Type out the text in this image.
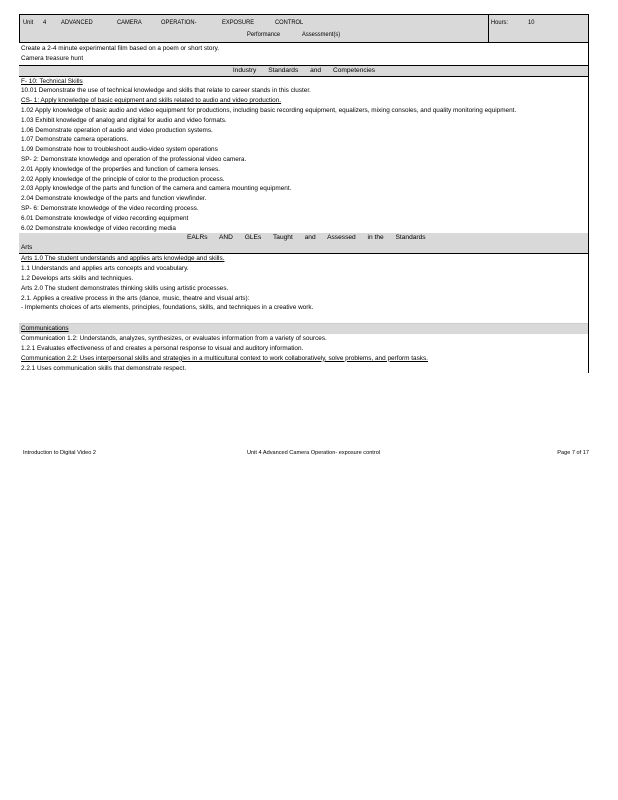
Unit 4 ADVANCED	CAMERA	OPERATION-	EXPOSURE	CONTROL
Performance	Assessment(s)
Hours:	10
Create a 2-4 minute experimental film based on a poem or short story.
Camera treasure hunt
Industry Standards and Competencies
F- 10: Technical Skills
10.01 Demonstrate the use of technical knowledge and skills that relate to career stands in this cluster.
CS- 1: Apply knowledge of basic equipment and skills related to audio and video production.
1.02 Apply knowledge of basic audio and video equipment for productions, including basic recording equipment, equalizers, mixing consoles, and quality monitoring equipment.
1.03 Exhibit knowledge of analog and digital for audio and video formats.
1.06 Demonstrate operation of audio and video production systems.
1.07 Demonstrate camera operations.
1.09 Demonstrate how to troubleshoot audio-video system operations
SP- 2: Demonstrate knowledge and operation of the professional video camera.
2.01 Apply knowledge of the properties and function of camera lenses.
2.02 Apply knowledge of the principle of color to the production process.
2.03 Apply knowledge of the parts and function of the camera and camera mounting equipment.
2.04 Demonstrate knowledge of the parts and function viewfinder.
SP- 6: Demonstrate knowledge of the video recording process.
6.01 Demonstrate knowledge of video recording equipment
6.02 Demonstrate knowledge of video recording media
EALRs AND GLEs Taught and Assessed in the Standards
Arts
Arts 1.0 The student understands and applies arts knowledge and skills.
1.1 Understands and applies arts concepts and vocabulary.
1.2 Develops arts skills and techniques.
Arts 2.0 The student demonstrates thinking skills using artistic processes.
2.1. Applies a creative process in the arts (dance, music, theatre and visual arts):
- Implements choices of arts elements, principles, foundations, skills, and techniques in a creative work.
Communications
Communication 1.2: Understands, analyzes, synthesizes, or evaluates information from a variety of sources.
1.2.1 Evaluates effectiveness of and creates a personal response to visual and auditory information.
Communication 2.2: Uses interpersonal skills and strategies in a multicultural context to work collaboratively, solve problems, and perform tasks.
2.2.1 Uses communication skills that demonstrate respect.
Introduction to Digital Video 2	Unit 4 Advanced Camera Operation- exposure control	Page 7 of 17
